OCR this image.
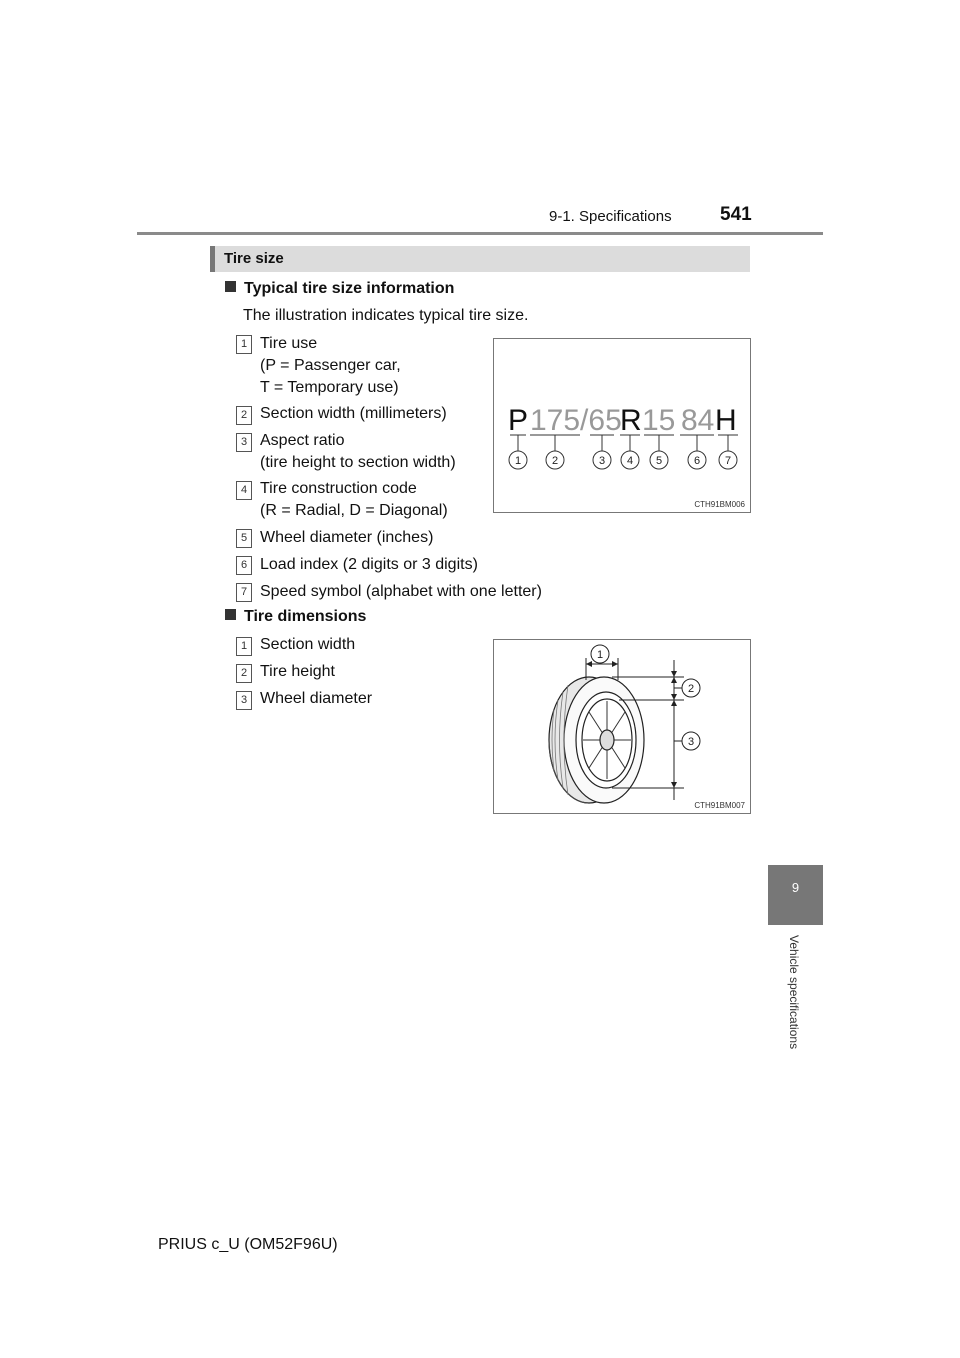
9-1. Specifications	541
Tire size
Typical tire size information
The illustration indicates typical tire size.
1 Tire use
(P = Passenger car,
T = Temporary use)
2 Section width (millimeters)
3 Aspect ratio
(tire height to section width)
4 Tire construction code
(R = Radial, D = Diagonal)
5 Wheel diameter (inches)
6 Load index (2 digits or 3 digits)
7 Speed symbol (alphabet with one letter)
P 175/65
R 15 84 H
1	2	3 4 5	6 7
CTH91BM006
Tire dimensions
1 Section width
2 Tire height
3 Wheel diameter
1
2
3
CTH91BM007
9
Vehicle specifications
PRIUS c_U (OM52F96U)
